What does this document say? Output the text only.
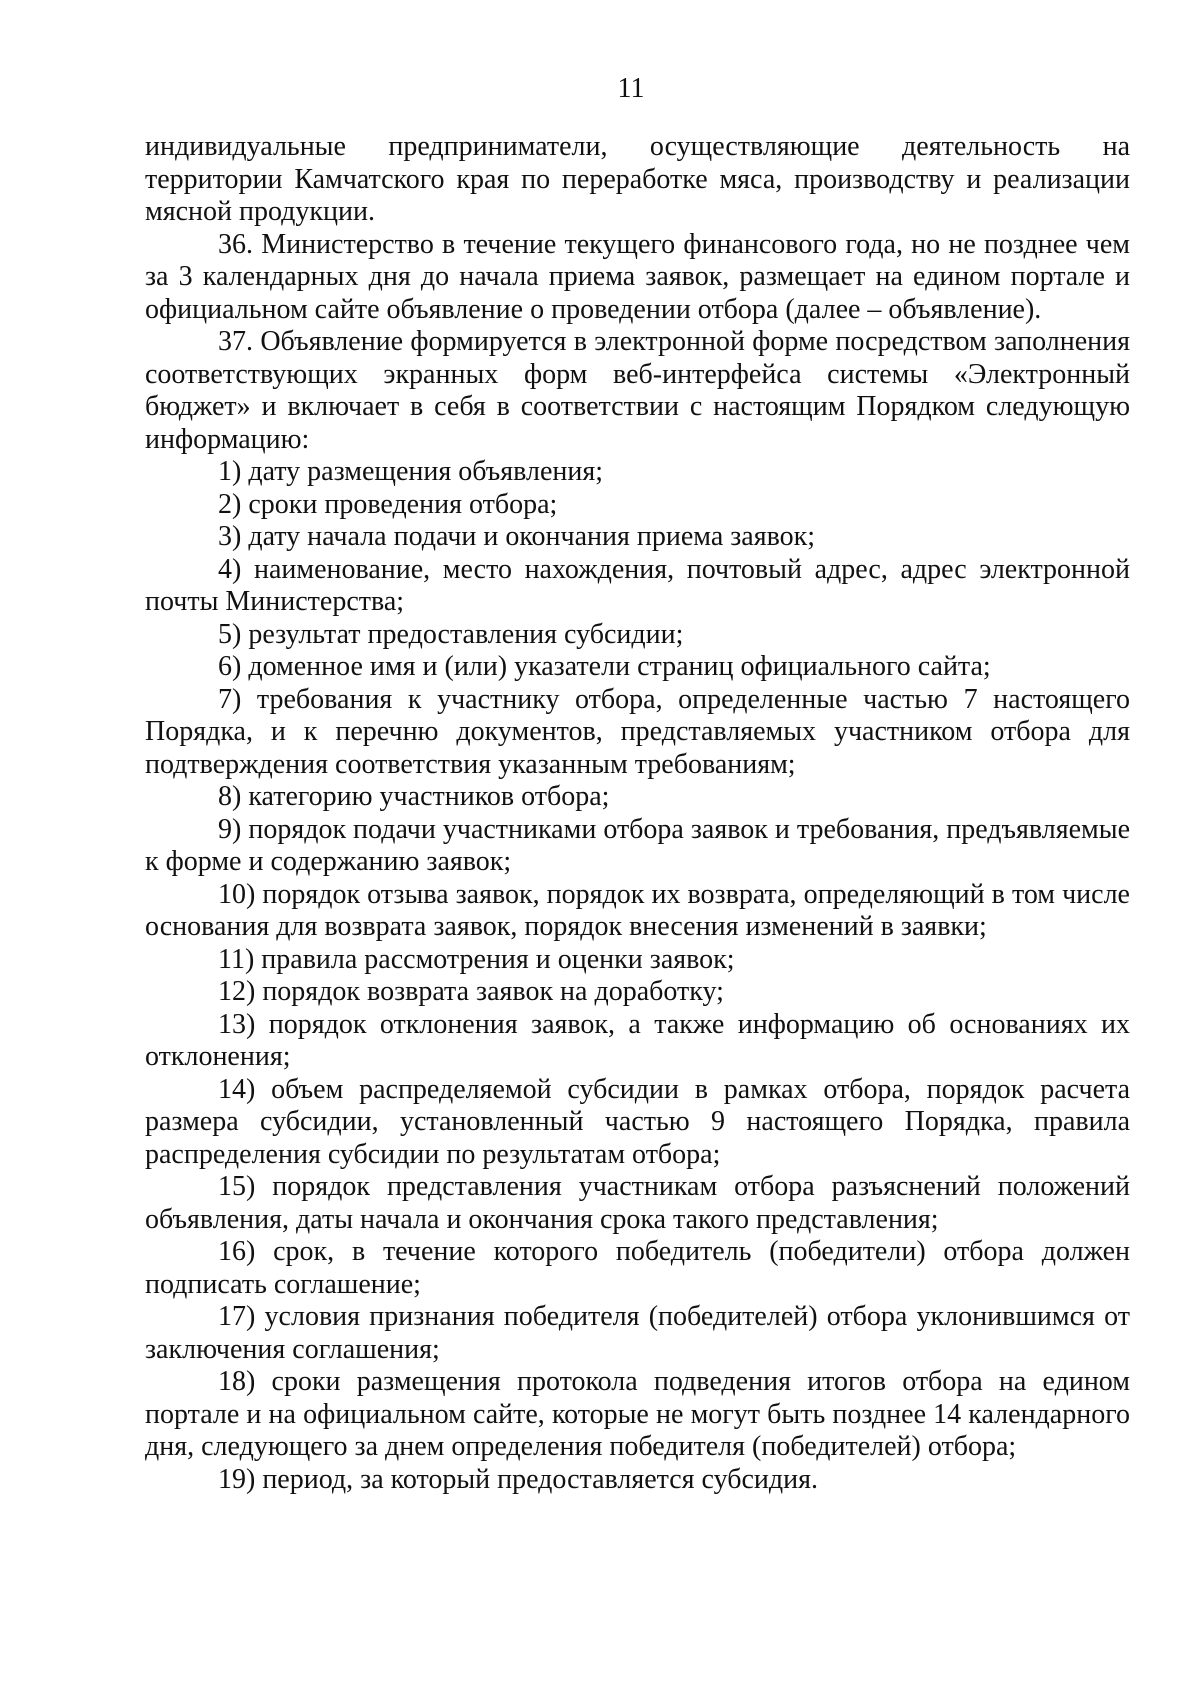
11

индивидуальные предприниматели, осуществляющие деятельность на территории Камчатского края по переработке мяса, производству и реализации мясной продукции.

36. Министерство в течение текущего финансового года, но не позднее чем за 3 календарных дня до начала приема заявок, размещает на едином портале и официальном сайте объявление о проведении отбора (далее – объявление).

37. Объявление формируется в электронной форме посредством заполнения соответствующих экранных форм веб-интерфейса системы «Электронный бюджет» и включает в себя в соответствии с настоящим Порядком следующую информацию:

1) дату размещения объявления;

2) сроки проведения отбора;

3) дату начала подачи и окончания приема заявок;

4) наименование, место нахождения, почтовый адрес, адрес электронной почты Министерства;

5) результат предоставления субсидии;

6) доменное имя и (или) указатели страниц официального сайта;

7) требования к участнику отбора, определенные частью 7 настоящего Порядка, и к перечню документов, представляемых участником отбора для подтверждения соответствия указанным требованиям;

8) категорию участников отбора;

9) порядок подачи участниками отбора заявок и требования, предъявляемые к форме и содержанию заявок;

10) порядок отзыва заявок, порядок их возврата, определяющий в том числе основания для возврата заявок, порядок внесения изменений в заявки;

11) правила рассмотрения и оценки заявок;

12) порядок возврата заявок на доработку;

13) порядок отклонения заявок, а также информацию об основаниях их отклонения;

14) объем распределяемой субсидии в рамках отбора, порядок расчета размера субсидии, установленный частью 9 настоящего Порядка, правила распределения субсидии по результатам отбора;

15) порядок представления участникам отбора разъяснений положений объявления, даты начала и окончания срока такого представления;

16) срок, в течение которого победитель (победители) отбора должен подписать соглашение;

17) условия признания победителя (победителей) отбора уклонившимся от заключения соглашения;

18) сроки размещения протокола подведения итогов отбора на едином портале и на официальном сайте, которые не могут быть позднее 14 календарного дня, следующего за днем определения победителя (победителей) отбора;

19) период, за который предоставляется субсидия.
